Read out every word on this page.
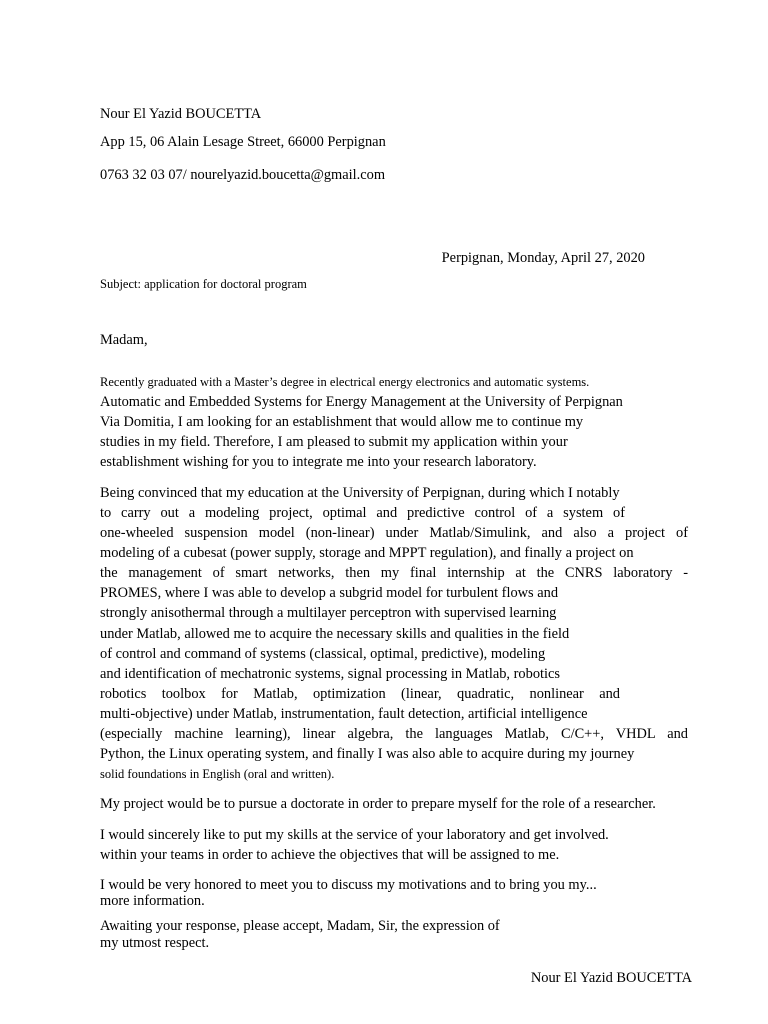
Nour El Yazid BOUCETTA
App 15, 06 Alain Lesage Street, 66000 Perpignan
0763 32 03 07/ nourelyazid.boucetta@gmail.com
Perpignan, Monday, April 27, 2020
Subject: application for doctoral program
Madam,
Recently graduated with a Master’s degree in electrical energy electronics and automatic systems.
Automatic and Embedded Systems for Energy Management at the University of Perpignan
Via Domitia, I am looking for an establishment that would allow me to continue my
studies in my field. Therefore, I am pleased to submit my application within your
establishment wishing for you to integrate me into your research laboratory.
Being convinced that my education at the University of Perpignan, during which I notably
to carry out a modeling project, optimal and predictive control of a system of
one-wheeled suspension model (non-linear) under Matlab/Simulink, and also a project of
modeling of a cubesat (power supply, storage and MPPT regulation), and finally a project on
the management of smart networks, then my final internship at the CNRS laboratory -
PROMES, where I was able to develop a subgrid model for turbulent flows and
strongly anisothermal through a multilayer perceptron with supervised learning
under Matlab, allowed me to acquire the necessary skills and qualities in the field
of control and command of systems (classical, optimal, predictive), modeling
and identification of mechatronic systems, signal processing in Matlab, robotics
robotics toolbox for Matlab, optimization (linear, quadratic, nonlinear and
multi-objective) under Matlab, instrumentation, fault detection, artificial intelligence
(especially machine learning), linear algebra, the languages Matlab, C/C++, VHDL and
Python, the Linux operating system, and finally I was also able to acquire during my journey
solid foundations in English (oral and written).
My project would be to pursue a doctorate in order to prepare myself for the role of a researcher.
I would sincerely like to put my skills at the service of your laboratory and get involved.
within your teams in order to achieve the objectives that will be assigned to me.
I would be very honored to meet you to discuss my motivations and to bring you my...
more information.
Awaiting your response, please accept, Madam, Sir, the expression of
my utmost respect.
Nour El Yazid BOUCETTA
